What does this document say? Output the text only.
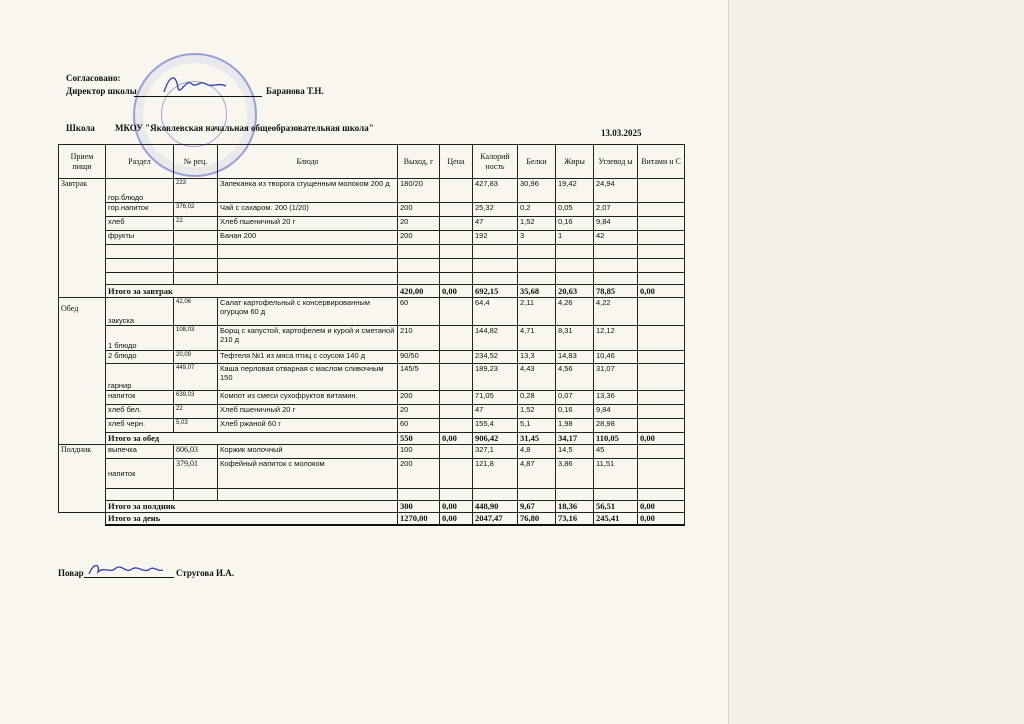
Согласовано:
Директор школы	Баранова Т.Н.
Школа МКОУ "Яковлевская начальная общеобразовательная школа"	13.03.2025
Прием пищи	Раздел	№ рец.	Блюдо	Выход, г	Цена	Калорий ность	Белки	Жиры	Углевод ы	Витами н С
Завтрак	гор.блюдо	223	Запеканка из творога сгущенным молоком 200 д	180/20		427,83	30,96	19,42	24,94	
	гор.напиток	376,02	Чай с сахаром. 200 (1/20)	200		25,32	0,2	0,05	2,07	
	хлеб	22	Хлеб пшеничный 20 г	20		47	1,52	0,16	9,84	
	фрукты		Банан 200	200		192	3	1	42	

	Итого за завтрак			420,00	0,00	692,15	35,68	20,63	78,85	0,00
Обед	закуска	42,06	Салат картофельный с консервированным огурцом 60 д	60		64,4	2,11	4,26	4,22	
	1 блюдо	108,03	Борщ с капустой, картофелем и курой и сметаной 210 д	210		144,82	4,71	8,31	12,12	
	2 блюдо	20,09	Тефтеля №1 из мяса птиц с соусом 140 д	90/50		234,52	13,3	14,83	10,46	
	гарнир	449,07	Каша перловая отварная с маслом сливочным 150	145/5		189,23	4,43	4,56	31,07	
	напиток	639,03	Компот из смеси сухофруктов витамин.	200		71,05	0,28	0,07	13,36	
	хлеб бел.	22	Хлеб пшеничный 20 г	20		47	1,52	0,16	9,84	
	хлеб черн.	5,03	Хлеб ржаной 60 г	60		155,4	5,1	1,98	28,98	
	Итого за обед			550	0,00	906,42	31,45	34,17	110,05	0,00
Полдник	выпечка	806,03	Коржик молочный	100		327,1	4,8	14,5	45	
	напиток	379,01	Кофейный напиток с молоком	200		121,8	4,87	3,86	11,51	

	Итого за полдник			300	0,00	448,90	9,67	18,36	56,51	0,00
	Итого за день			1270,00	0,00	2047,47	76,80	73,16	245,41	0,00
Повар	Стругова И.А.
